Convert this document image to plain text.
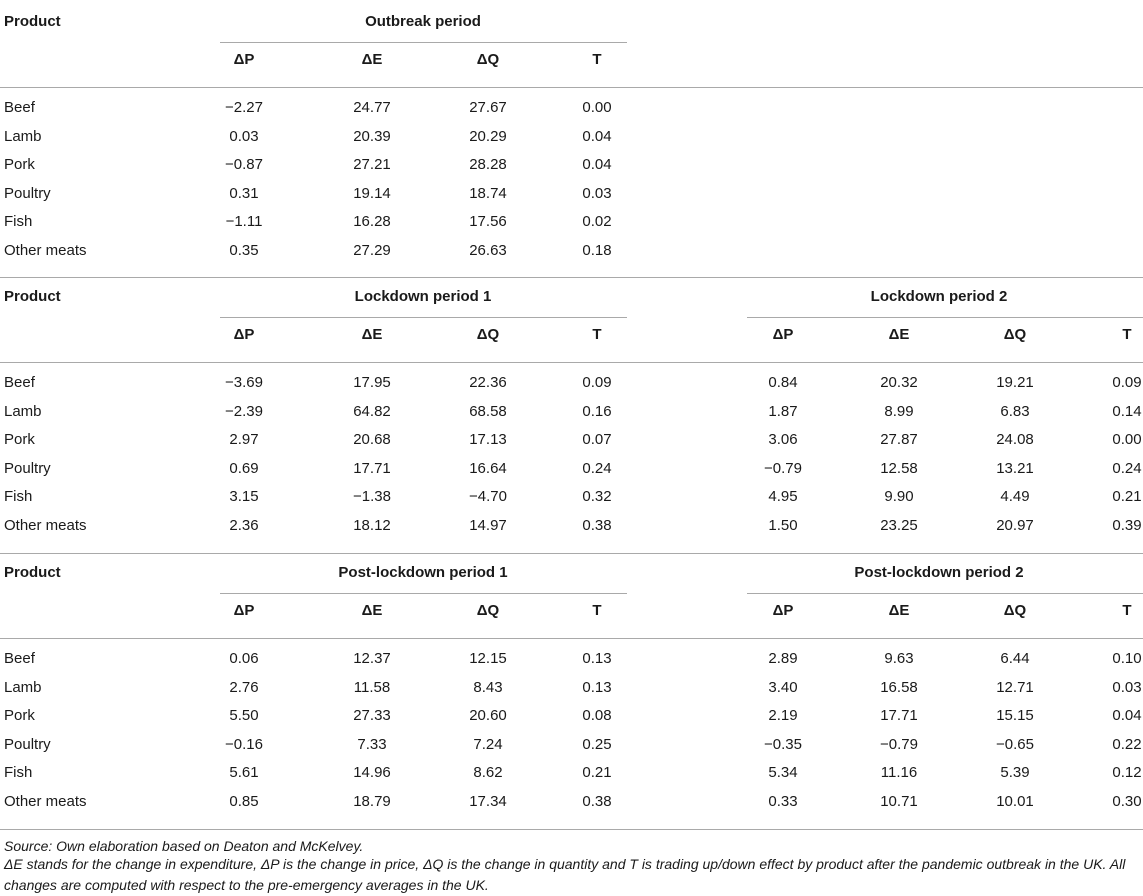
Product	Outbreak period
ΔP	ΔE	ΔQ	T
Beef	−2.27	24.77	27.67	0.00
Lamb	0.03	20.39	20.29	0.04
Pork	−0.87	27.21	28.28	0.04
Poultry	0.31	19.14	18.74	0.03
Fish	−1.11	16.28	17.56	0.02
Other meats	0.35	27.29	26.63	0.18
Product	Lockdown period 1	Lockdown period 2
ΔP	ΔE	ΔQ	T	ΔP	ΔE	ΔQ	T
Beef	−3.69	17.95	22.36	0.09	0.84	20.32	19.21	0.09
Lamb	−2.39	64.82	68.58	0.16	1.87	8.99	6.83	0.14
Pork	2.97	20.68	17.13	0.07	3.06	27.87	24.08	0.00
Poultry	0.69	17.71	16.64	0.24	−0.79	12.58	13.21	0.24
Fish	3.15	−1.38	−4.70	0.32	4.95	9.90	4.49	0.21
Other meats	2.36	18.12	14.97	0.38	1.50	23.25	20.97	0.39
Product	Post-lockdown period 1	Post-lockdown period 2
ΔP	ΔE	ΔQ	T	ΔP	ΔE	ΔQ	T
Beef	0.06	12.37	12.15	0.13	2.89	9.63	6.44	0.10
Lamb	2.76	11.58	8.43	0.13	3.40	16.58	12.71	0.03
Pork	5.50	27.33	20.60	0.08	2.19	17.71	15.15	0.04
Poultry	−0.16	7.33	7.24	0.25	−0.35	−0.79	−0.65	0.22
Fish	5.61	14.96	8.62	0.21	5.34	11.16	5.39	0.12
Other meats	0.85	18.79	17.34	0.38	0.33	10.71	10.01	0.30
Source: Own elaboration based on Deaton and McKelvey.
ΔE stands for the change in expenditure, ΔP is the change in price, ΔQ is the change in quantity and T is trading up/down effect by product after the pandemic outbreak in the UK. All changes are computed with respect to the pre-emergency averages in the UK.
